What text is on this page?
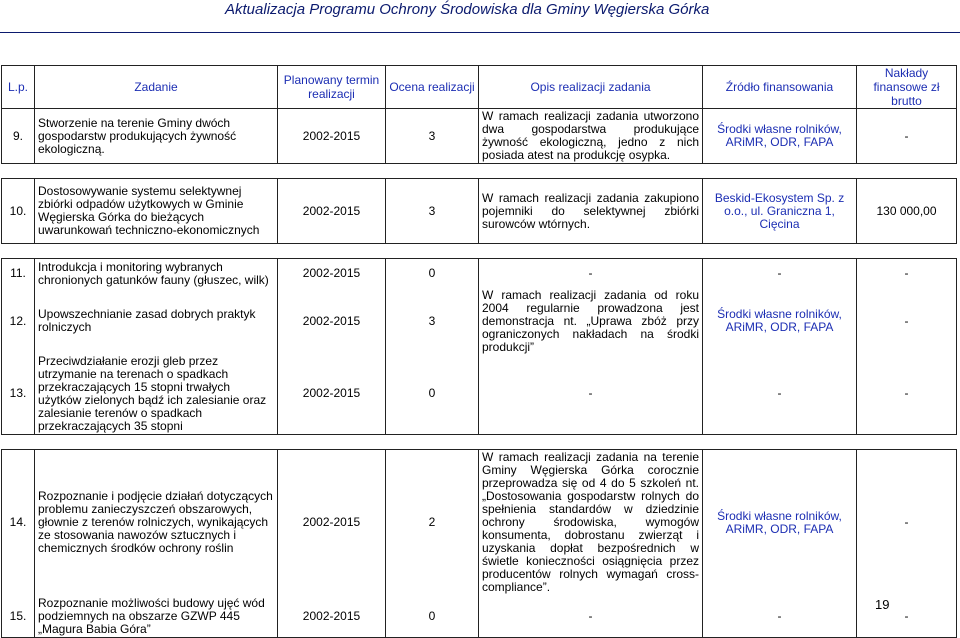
Aktualizacja Programu Ochrony Środowiska dla Gminy Węgierska Górka
L.p.	Zadanie	Planowany termin realizacji	Ocena realizacji	Opis realizacji zadania	Źródło finansowania	Nakłady finansowe zł brutto
9.	Stworzenie na terenie Gminy dwóch gospodarstw produkujących żywność ekologiczną.	2002-2015	3	W ramach realizacji zadania utworzono dwa gospodarstwa produkujące żywność ekologiczną, jedno z nich posiada atest na produkcję osypka.	Środki własne rolników, ARiMR, ODR, FAPA	-

10.	Dostosowywanie systemu selektywnej zbiórki odpadów użytkowych w Gminie Węgierska Górka do bieżących uwarunkowań techniczno-ekonomicznych	2002-2015	3	W ramach realizacji zadania zakupiono pojemniki do selektywnej zbiórki surowców wtórnych.	Beskid-Ekosystem Sp. z o.o., ul. Graniczna 1, Cięcina	130 000,00

11.	Introdukcja i monitoring wybranych chronionych gatunków fauny (głuszec, wilk)	2002-2015	0	-	-	-
12.	Upowszechnianie zasad dobrych praktyk rolniczych	2002-2015	3	W ramach realizacji zadania od roku 2004 regularnie prowadzona jest demonstracja nt. „Uprawa zbóż przy ograniczonych nakładach na środki produkcji”	Środki własne rolników, ARiMR, ODR, FAPA	-
13.	Przeciwdziałanie erozji gleb przez utrzymanie na terenach o spadkach przekraczających 15 stopni trwałych użytków zielonych bądź ich zalesianie oraz zalesianie terenów o spadkach przekraczających 35 stopni	2002-2015	0	-	-	-

14.	Rozpoznanie i podjęcie działań dotyczących problemu zanieczyszczeń obszarowych, głownie z terenów rolniczych, wynikających ze stosowania nawozów sztucznych i chemicznych środków ochrony roślin	2002-2015	2	W ramach realizacji zadania na terenie Gminy Węgierska Górka corocznie przeprowadza się od 4 do 5 szkoleń nt. „Dostosowania gospodarstw rolnych do spełnienia standardów w dziedzinie ochrony środowiska, wymogów konsumenta, dobrostanu zwierząt i uzyskania dopłat bezpośrednich w świetle konieczności osiągnięcia przez producentów rolnych wymagań cross-compliance”.	Środki własne rolników, ARiMR, ODR, FAPA	-
15.	Rozpoznanie możliwości budowy ujęć wód podziemnych na obszarze GZWP 445 „Magura Babia Góra”	2002-2015	0	-	-	-
19
